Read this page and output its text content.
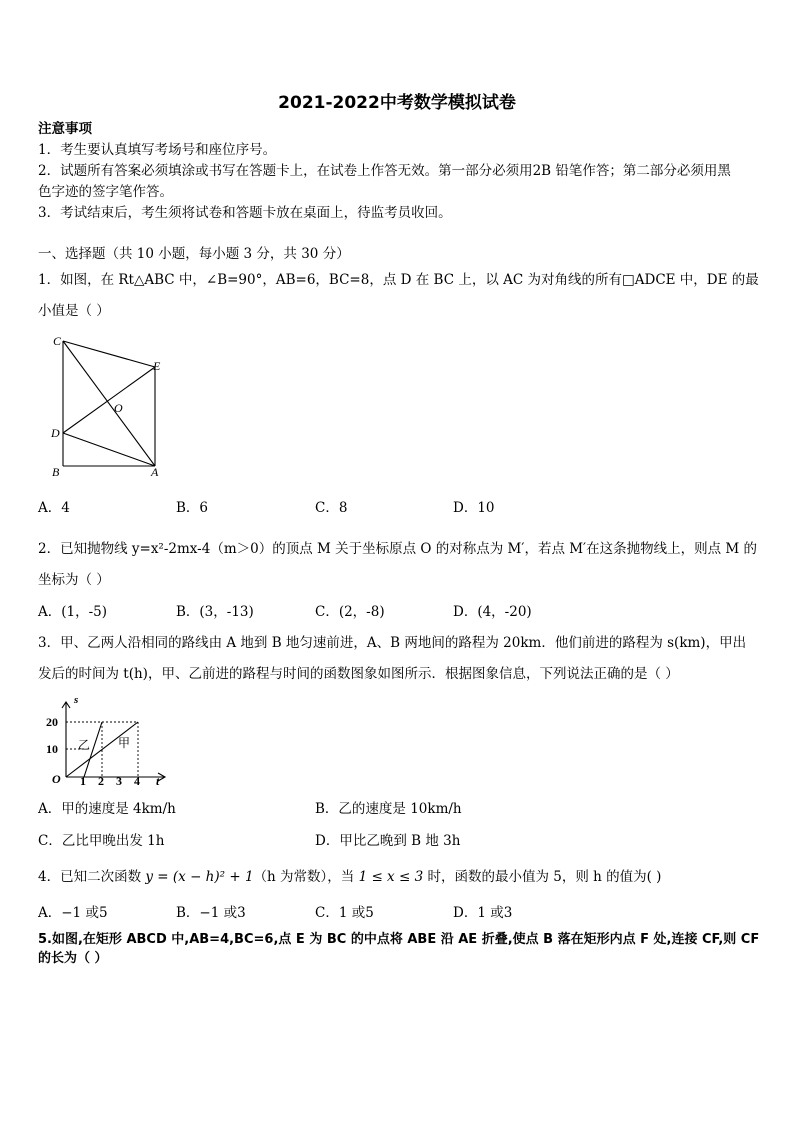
2021-2022中考数学模拟试卷
注意事项
1．考生要认真填写考场号和座位序号。
2．试题所有答案必须填涂或书写在答题卡上，在试卷上作答无效。第一部分必须用2B 铅笔作答；第二部分必须用黑
色字迹的签字笔作答。
3．考试结束后，考生须将试卷和答题卡放在桌面上，待监考员收回。
一、选择题（共 10 小题，每小题 3 分，共 30 分）
1．如图，在 Rt△ABC 中，∠B=90°，AB=6，BC=8，点 D 在 BC 上，以 AC 为对角线的所有□ADCE 中，DE 的最
小值是（ ）
C
E
O
D
B	A
A．4	B．6	C．8	D．10
2．已知抛物线 y=x²-2mx-4（m＞0）的顶点 M 关于坐标原点 O 的对称点为 M′，若点 M′在这条抛物线上，则点 M 的
坐标为（ ）
A．(1，-5)	B．(3，-13)	C．(2，-8)	D．(4，-20)
3．甲、乙两人沿相同的路线由 A 地到 B 地匀速前进，A、B 两地间的路程为 20km．他们前进的路程为 s(km)，甲出
发后的时间为 t(h)，甲、乙前进的路程与时间的函数图象如图所示．根据图象信息，下列说法正确的是（ ）
s
20
10
O 1 2 3 4 t
乙 甲
A．甲的速度是 4km/h	B．乙的速度是 10km/h
C．乙比甲晚出发 1h	D．甲比乙晚到 B 地 3h
4．已知二次函数 y = (x − h)² + 1（h 为常数），当 1 ≤ x ≤ 3 时，函数的最小值为 5，则 h 的值为( )
A．−1 或5	B．−1 或3	C．1 或5	D．1 或3
5.如图,在矩形 ABCD 中,AB=4,BC=6,点 E 为 BC 的中点将 ABE 沿 AE 折叠,使点 B 落在矩形内点 F 处,连接 CF,则 CF
的长为（ ）
